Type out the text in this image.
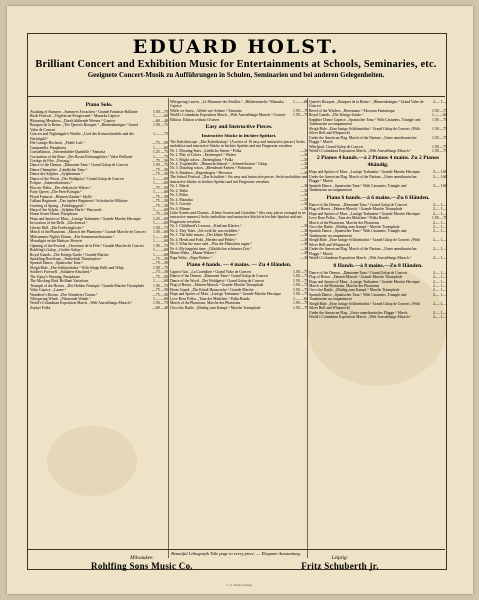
EDUARD HOLST.
Brilliant Concert and Exhibition Music for Entertainments at Schools, Seminaries, etc.
Geeignete Concert-Musik zu Aufführungen in Schulen, Seminarien und bei anderen Gelegenheiten.
Piano Solo.
1.50 —75
Awaking of Summer. „Sommers Erwachen.“ Grande Fantaisie Brillante
1.— —60
Birds Festival. „Vöglein im Festgewand.“ Mazurka Caprice
—60 —40
Blooming Meadows. „Durch blühende Wiesen.“ Caprice
1.50 —75
Bouquet de la Reine. „The Queen's Bouquet.“ „Blumenkönigin.“ Grand Valse de Concert
1.— —75
Concert and Nightingale's Warble. „Lied des Kreuzschnabels und der Nachtigall.“
—75 —50
Die Lustige Hochzeit. „Fidele Luft.“
1.— —60
Campanella. Paraphrase
1.25 —75
Constellation. „Sternenbilder-Quadrille.“ Fantasia
1.— —75
Coronation of the Rose. „Der Rosen Krönungsfeier.“ Valse Brillante
—75 —50
Cortège de Fête. „Festzug.“
1.50 —75
Dance of the Demon. „Dämonen-Tanz.“ Grand Galop de Concert
—75 —50
Danse Champêtre. „Ländlicher Tanz.“
—75 —50
Danse des Sylphes. „Sylphentanz.“
1.— —60
Danse of the Wood. „Der Waldgeist.“ Grand Galop de Concert
1.— —60
Eclipse. „Sonnenfinsternis.“
—75 —50
Electric Waltz. „Der elektrische Walzer.“
1.— —60
Fairy Queen. „Die Feen-Königin.“
—75 —50
Floral Fantasie. „Blumen-Zauber.“ Idylle
—75 —50
Gallant Regiment. „Das tapfere Regiment.“ Schottische Militaire
—75 —50
Greeting of Spring. „Frühlingsgruß.“
1.— —60
Harp of the Sylphs. „Sylphen Harfe.“ Barcarole
—75 —50
Home Sweet Home. Paraphrase
1.25 —60
Hops and Sprites of Mars. „Lustige Trabanten.“ Grande Marche Heroique
1.— —60
Invocation of the Bells. „Glockenruf.“
1.50 —75
Liberty Bell. „Die Freiheitsglocke.“
1.50 —60
March of the Phantoms. „Marsch der Phantome.“ Grande Marche de Concert
1.— —60
Midsummer Night's Dream. „Ein Sommernachtstraum.“
1.— —60
Moonlight on the Hudson. Reverie
1.50 —75
Opening of the Festival. „Ouverture de la Fête.“ Grande Marche de Concert
1.— —60
Rohlfing's Galop. „Großer Galop.“
1.— —60
Royal Guards. „Die Königs-Garde.“ Grande Marche
—75 —50
Sparkling Dewdrops. „Funkelnde Thautropfen.“
—75 —50
Spanish Dance. „Spanischer Tanz.“
1.50 —75
Sleigh Ride. „Die Schlittenfahrt.“ With Sleigh Bells and Whip
—75 —50
Soldier's Farewell. „Soldaten-Abschied.“
—75 —50
The Gipsy's Warning. Paraphrase
1.— —60
The Mocking Bird. Brilliant Variations
1.50 —75
Triumph of the Heroes. „Der Helden Triumph.“ Grande Marche Triomphale
—75 —50
Valse Caprice. „Laune.“
—75 —50
Wanderer's Dream. „Des Wanderers Traum.“
1.— —60
Whispering Winds. „Flüsternde Winde.“
1.50 —75
World's Columbian Exposition March. „Welt Ausstellungs Marsch.“
—60 —40
Zephyr Polka
1.— —60
Whispering Leaves. „Le Murmure des Feuilles.“ „Blättersäuseln.“ Mazurka Caprice
1.50 —75
While we Snow. „Weiße wie Schnee.“ Fantaisie
1.50 —75
World's Columbian Exposition March. „Welt Ausstellungs-Marsch.“ Concert Edition. Edition without Octaves
Easy and Instructive Pieces.
Instructive Stücke in leichter Spielart.
The Kaleidoscope. „Das Kaleidoskop.“ (A series of 16 easy and instructive pieces.) Sechs melodiöse und instructive Stücke in leichter Spielart und mit Fingersatz versehen
—30
Nr. 1. Morning Stars. „Liebliche Sterne.“ Polka
—30
Nr. 2. Play of Colors. „Farbenspiel.“ Walzer
—30
Nr. 3. Bright colors. „Farbenglanz.“ Polka
—30
Nr. 4. Tropfenfälle. „Himmelschlüssel.“ „Schneeflocken.“ Galop
—30
Nr. 5. Dazzling colors. „Blendende Farben.“ Polonaise
—30
Nr. 6. Rainbow. „Regenbogen.“ Berceuse
The School Festival. „Das Schulfest.“ Six easy and instructive pieces. Sechs melodiöse und instructive Stücke in leichter Spielart und mit Fingersatz versehen.
—30
Nr. 1. March
—30
Nr. 2. Waltz
—30
Nr. 3. Polka
—30
Nr. 4. Mazurka
—30
Nr. 5. Gavotte
—30
Nr. 6. Minuet
Little Scenes and Charms. „Kleine Scenen und Gestalten.“ (Six easy pieces arranged in an instructive manner.) Sechs melodiöse und instructive Stücke in leichter Spielart und mit Fingersatz versehen.
—30
Nr. 1. Childhood's Lessons. „Kind am Klavier.“
—30
Nr. 2. Tiny Tales. „Ich weiß dir was erzählen.“
—30
Nr. 3. The little master. „Der kleine Meister.“
—30
Nr. 4. Herds and Fold. „Herden und Felder.“
—30
Nr. 5. What the mice said. „Was die Mäuschen sagen.“
—30
Nr. 6. My happiest time. „Glücklicher schönster Zeit.“
—30
Mama Waltz. „Mama-Walzer.“
—30
Papa Waltz. „Papa-Walzer.“
Piano 4 hands. — 4 mains. — Zu 4 Händen.
1.50 —75
Caprice Gai. „La Coréadine.“ Grand Valse de Concert
1.50 —75
Dance of the Demon. „Dämonen-Tanz.“ Grand Galop de Concert
1.50 —75
Dance of the Wood. „Der Waldgeist.“ Grand Galop de Concert
1.50 —75
Flag of Honor. „Fahnen-Marsch.“ Grande Marche Triomphale
1.50 —75
Horse Guard. „Die Küraß Hauswache.“ Grande Marche
1.50 —75
Hops and Sprites of Mars. „Lustige Trabanten.“ Grande Marche Heroique
1.— —60
Love Rose Polka. „Tanz der Mädchen.“ Polka Rondo
1.50 —75
March of the Phantoms. Marche des Phantoms
1.50 —75
On to the Battle. „Muthig zum Kampf.“ Marche Triomphale
2.— 1.—
Queen's Bouquet. „Bouquet de la Reine.“ „Blumenkönigin.“ Grand Valse de Concert
1.50 —75
Revel of the Witches. „Hexentanz.“ Morceau Fantastique
1.— —60
Royal Guards. „Die Königs-Garde.“
1.50 —75
Sapphire Dance Caprice. „Spanischer Tanz.“ With Castanets, Triangle and Tambourine accompaniment
1.50 —75
Sleigh Ride. „Eine lustige Schlittenfahrt.“ Grand Galop de Concert. (With Silver Bell and Whipstock)
1.50 —75
Under the American Flag. March of the Nations. „Unter amerikanischer Flagge.“ March
1.50 —75
Whirlpool. Grand Galop de Concert
1.50 —75
World's Columbian Exposition March. „Welt Ausstellungs Marsch.“
2 Pianos 4 hands.—à 2 Pianos 4 mains. Zu 2 Pianos 4händig.
3.— 1.60
Hops and Sprites of Mars. „Lustige Trabanten.“ Grande Marche Heroique
3.— 1.60
Under the American Flag. March of the Nations. „Unter amerikanischer Flagge.“ March
3.— 1.60
Spanish Dance. „Spanischer Tanz.“ With Castanets, Triangle and Tambourine accompaniment
Piano 6 hands.—à 6 mains.—Zu 6 Händen.
2.— 1.—
Dance of the Demon. „Dämonen-Tanz.“ Grand Galop de Concert
2.— 1.—
Flag of Honor. „Fahnen-Marsch.“ Grande Marche Triomphale
2.— 1.—
Hops and Sprites of Mars. „Lustige Trabanten.“ Grande Marche Heroique
1.50 —75
Love Rose Polka. „Tanz der Mädchen.“ Polka Rondo
2.— 1.—
March of the Phantoms. Marche des Phantoms
2.— 1.—
On to the Battle. „Muthig zum Kampf.“ Marche Triomphale
2.— 1.—
Spanish Dance. „Spanischer Tanz.“ With Castanets, Triangle and Tambourine accompaniment
2.— 1.—
Sleigh Ride. „Eine lustige Schlittenfahrt.“ Grand Galop de Concert. (With Silver Bell and Whipstock)
2.— 1.—
Under the American Flag. March of the Nations. „Unter amerikanischer Flagge.“ March
2.— 1.—
World's Columbian Exposition March. „Welt Ausstellungs Marsch.“
8 Hands.—à 8 mains.—Zu 8 Händen.
2.— 1.—
Dance of the Demon. „Dämonen-Tanz.“ Grand Galop de Concert
2.— 1.—
Flag of Honor. „Fahnen-Marsch.“ Grande Marche Triomphale
2.— 1.—
Hops and Sprites of Mars. „Lustige Trabanten.“ Grande Marche Heroique
2.— 1.—
March of the Phantoms. Marche des Phantoms
2.— 1.—
On to the Battle. „Muthig zum Kampf.“ Marche Triomphale
2.— 1.—
Spanish Dance. „Spanischer Tanz.“ With Castanets, Triangle and Tambourine accompaniment
2.— 1.—
Sleigh Ride. „Eine lustige Schlittenfahrt.“ Grand Galop de Concert. (With Silver Bell and Whipstock)
2.— 1.—
Under the American Flag. „Unter amerikanischer Flagge.“ March
2.— 1.—
World's Columbian Exposition March. „Welt Ausstellungs Marsch.“
Beautiful Lithograph Title page to every piece. — Elegante Ausstattung.
Milwaukee:
Rohlfing Sons Music Co.
Leipzig:
Fritz Schuberth jr.
C. G. Röder, Leipzig.
